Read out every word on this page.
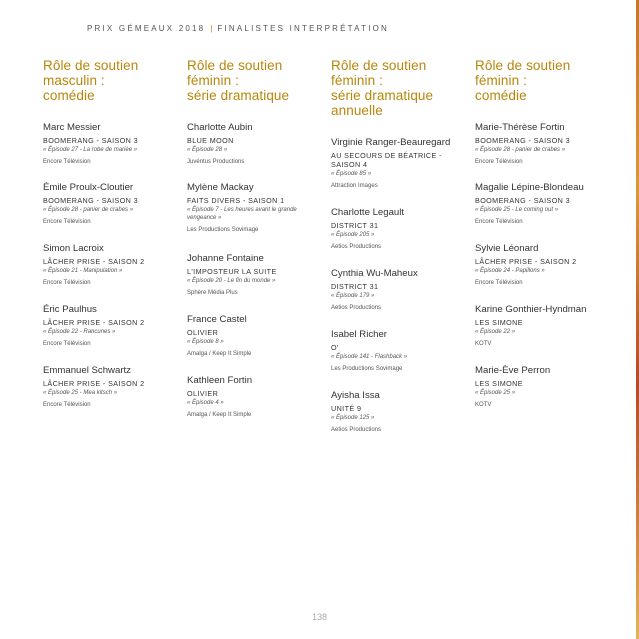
PRIX GÉMEAUX 2018 | FINALISTES INTERPRÉTATION
Rôle de soutien
masculin :
comédie
Marc Messier
BOOMERANG - SAISON 3
« Épisode 27 - La robe de mariée »
Encore Télévision
Émile Proulx-Cloutier
BOOMERANG - SAISON 3
« Épisode 28 - panier de crabes »
Encore Télévision
Simon Lacroix
LÂCHER PRISE - SAISON 2
« Épisode 21 - Manipulation »
Encore Télévision
Éric Paulhus
LÂCHER PRISE - SAISON 2
« Épisode 22 - Rancunes »
Encore Télévision
Emmanuel Schwartz
LÂCHER PRISE - SAISON 2
« Épisode 25 - Mea kitsch »
Encore Télévision
Rôle de soutien
féminin :
série dramatique
Charlotte Aubin
BLUE MOON
« Épisode 28 »
Juvéntus Productions
Mylène Mackay
FAITS DIVERS - SAISON 1
« Épisode 7 - Les heures avant le grande vengeance »
Les Productions Sovimage
Johanne Fontaine
L'IMPOSTEUR LA SUITE
« Épisode 20 - Le fin du monde »
Sphère Média Plus
France Castel
OLIVIER
« Épisode 8 »
Amalga / Keep It Simple
Kathleen Fortin
OLIVIER
« Épisode 4 »
Amalga / Keep It Simple
Rôle de soutien
féminin :
série dramatique
annuelle
Virginie Ranger-Beauregard
AU SECOURS DE BÉATRICE - SAISON 4
« Épisode 85 »
Attraction Images
Charlotte Legault
DISTRICT 31
« Épisode 205 »
Aetios Productions
Cynthia Wu-Maheux
DISTRICT 31
« Épisode 179 »
Aetios Productions
Isabel Richer
O'
« Épisode 141 - Flashback »
Les Productions Sovimage
Ayisha Issa
UNITÉ 9
« Épisode 125 »
Aetios Productions
Rôle de soutien
féminin :
comédie
Marie-Thérèse Fortin
BOOMERANG - SAISON 3
« Épisode 28 - panier de crabes »
Encore Télévision
Magalie Lépine-Blondeau
BOOMERANG - SAISON 3
« Épisode 25 - Le coming out »
Encore Télévision
Sylvie Léonard
LÂCHER PRISE - SAISON 2
« Épisode 24 - Papillons »
Encore Télévision
Karine Gonthier-Hyndman
LES SIMONE
« Épisode 22 »
KOTV
Marie-Ève Perron
LES SIMONE
« Épisode 25 »
KOTV
138
